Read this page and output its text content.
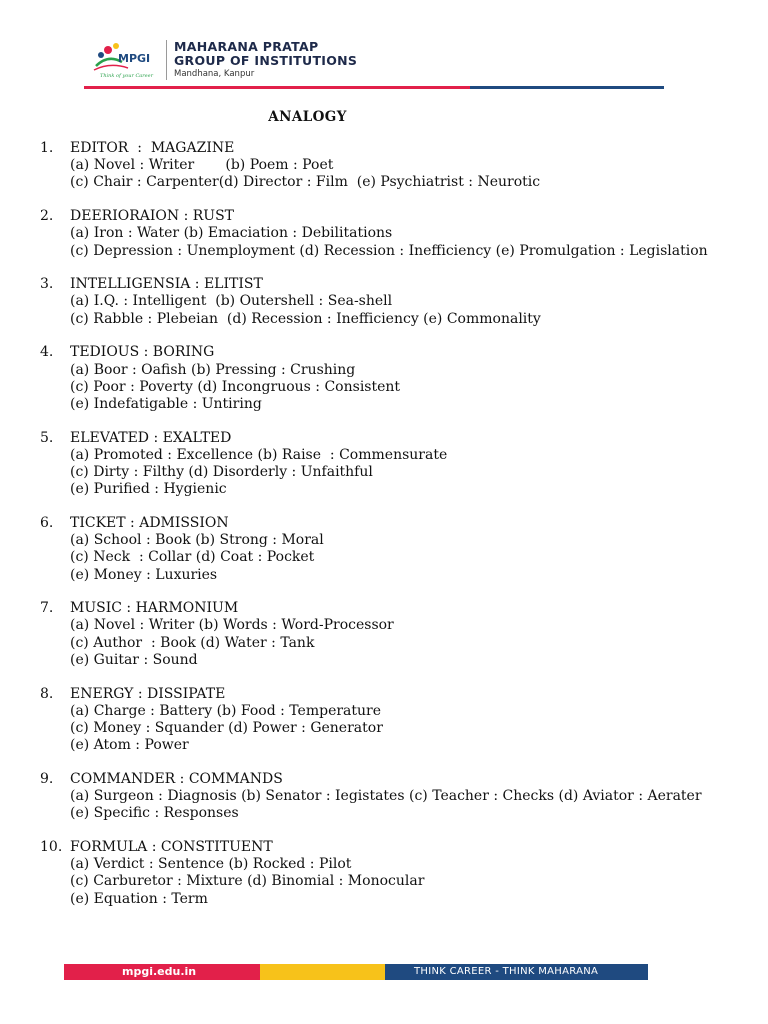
MPGI
Think of your Career
MAHARANA PRATAP
GROUP OF INSTITUTIONS
Mandhana, Kanpur
ANALOGY
1. EDITOR  :  MAGAZINE
(a) Novel : Writer       (b) Poem : Poet
(c) Chair : Carpenter(d) Director : Film  (e) Psychiatrist : Neurotic
2. DEERIORAION : RUST
(a) Iron : Water (b) Emaciation : Debilitations
(c) Depression : Unemployment (d) Recession : Inefficiency (e) Promulgation : Legislation
3. INTELLIGENSIA : ELITIST
(a) I.Q. : Intelligent  (b) Outershell : Sea-shell
(c) Rabble : Plebeian  (d) Recession : Inefficiency (e) Commonality
4. TEDIOUS : BORING
(a) Boor : Oafish (b) Pressing : Crushing
(c) Poor : Poverty (d) Incongruous : Consistent
(e) Indefatigable : Untiring
5. ELEVATED : EXALTED
(a) Promoted : Excellence (b) Raise  : Commensurate
(c) Dirty : Filthy (d) Disorderly : Unfaithful
(e) Purified : Hygienic
6. TICKET : ADMISSION
(a) School : Book (b) Strong : Moral
(c) Neck  : Collar (d) Coat : Pocket
(e) Money : Luxuries
7. MUSIC : HARMONIUM
(a) Novel : Writer (b) Words : Word-Processor
(c) Author  : Book (d) Water : Tank
(e) Guitar : Sound
8. ENERGY : DISSIPATE
(a) Charge : Battery (b) Food : Temperature
(c) Money : Squander (d) Power : Generator
(e) Atom : Power
9. COMMANDER : COMMANDS
(a) Surgeon : Diagnosis (b) Senator : Iegistates (c) Teacher : Checks (d) Aviator : Aerater
(e) Specific : Responses
10. FORMULA : CONSTITUENT
(a) Verdict : Sentence (b) Rocked : Pilot
(c) Carburetor : Mixture (d) Binomial : Monocular
(e) Equation : Term
mpgi.edu.in	THINK CAREER - THINK MAHARANA
